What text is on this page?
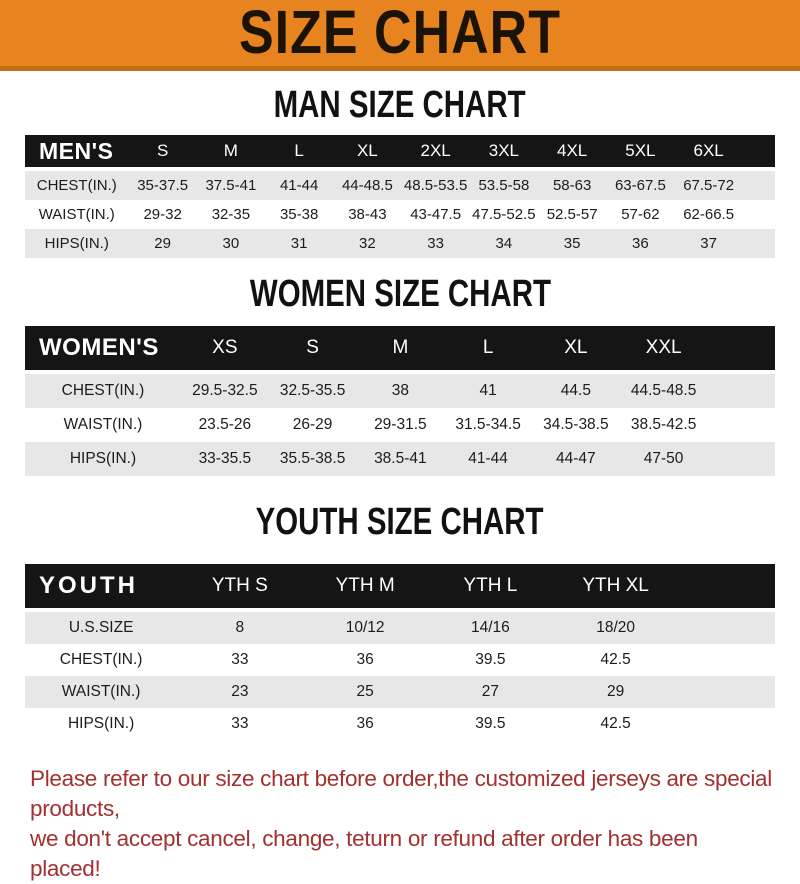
SIZE CHART
MAN SIZE CHART
MEN'S	S	M	L	XL	2XL	3XL	4XL	5XL	6XL	
CHEST(IN.)	35-37.5	37.5-41	41-44	44-48.5	48.5-53.5	53.5-58	58-63	63-67.5	67.5-72	
WAIST(IN.)	29-32	32-35	35-38	38-43	43-47.5	47.5-52.5	52.5-57	57-62	62-66.5	
HIPS(IN.)	29	30	31	32	33	34	35	36	37	
WOMEN SIZE CHART
WOMEN'S	XS	S	M	L	XL	XXL	
CHEST(IN.)	29.5-32.5	32.5-35.5	38	41	44.5	44.5-48.5	
WAIST(IN.)	23.5-26	26-29	29-31.5	31.5-34.5	34.5-38.5	38.5-42.5	
HIPS(IN.)	33-35.5	35.5-38.5	38.5-41	41-44	44-47	47-50	
YOUTH SIZE CHART
YOUTH	YTH S	YTH M	YTH L	YTH XL	
U.S.SIZE	8	10/12	14/16	18/20	
CHEST(IN.)	33	36	39.5	42.5	
WAIST(IN.)	23	25	27	29	
HIPS(IN.)	33	36	39.5	42.5	
Please refer to our size chart before order,the customized jerseys are special products,
we don't accept cancel, change, teturn or refund after order has been placed!
